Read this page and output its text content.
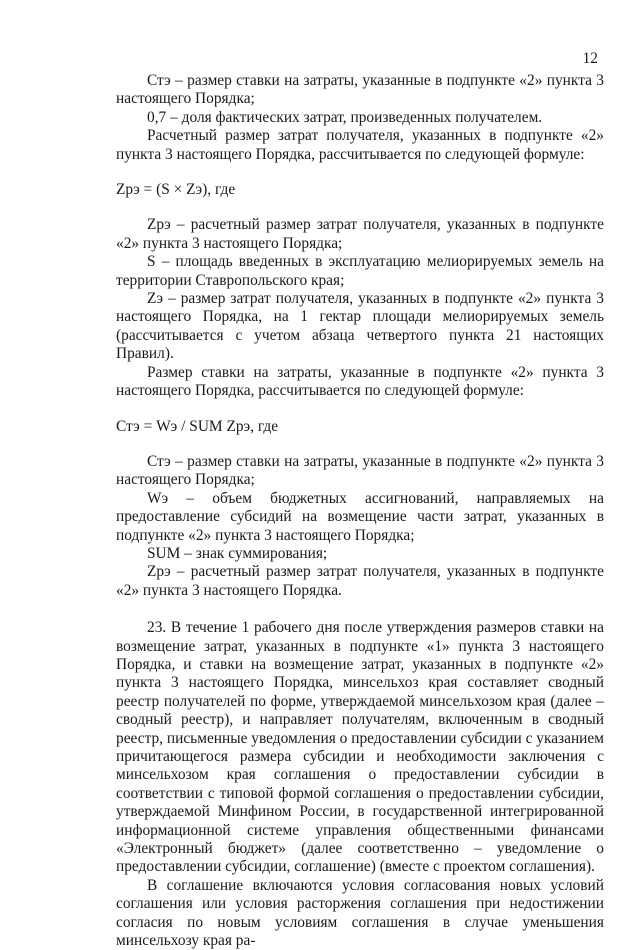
12

Стэ – размер ставки на затраты, указанные в подпункте «2» пункта 3 настоящего Порядка;

0,7 – доля фактических затрат, произведенных получателем.

Расчетный размер затрат получателя, указанных в подпункте «2» пункта 3 настоящего Порядка, рассчитывается по следующей формуле:

Zpэ = (S × Zэ), где

Zpэ – расчетный размер затрат получателя, указанных в подпункте «2» пункта 3 настоящего Порядка;

S – площадь введенных в эксплуатацию мелиорируемых земель на территории Ставропольского края;

Zэ – размер затрат получателя, указанных в подпункте «2» пункта 3 настоящего Порядка, на 1 гектар площади мелиорируемых земель (рассчитывается с учетом абзаца четвертого пункта 21 настоящих Правил).

Размер ставки на затраты, указанные в подпункте «2» пункта 3 настоящего Порядка, рассчитывается по следующей формуле:

Стэ = Wэ / SUM Zpэ, где

Стэ – размер ставки на затраты, указанные в подпункте «2» пункта 3 настоящего Порядка;

Wэ – объем бюджетных ассигнований, направляемых на предоставление субсидий на возмещение части затрат, указанных в подпункте «2» пункта 3 настоящего Порядка;

SUM – знак суммирования;

Zpэ – расчетный размер затрат получателя, указанных в подпункте «2» пункта 3 настоящего Порядка.

23. В течение 1 рабочего дня после утверждения размеров ставки на возмещение затрат, указанных в подпункте «1» пункта 3 настоящего Порядка, и ставки на возмещение затрат, указанных в подпункте «2» пункта 3 настоящего Порядка, минсельхоз края составляет сводный реестр получателей по форме, утверждаемой минсельхозом края (далее – сводный реестр), и направляет получателям, включенным в сводный реестр, письменные уведомления о предоставлении субсидии с указанием причитающегося размера субсидии и необходимости заключения с минсельхозом края соглашения о предоставлении субсидии в соответствии с типовой формой соглашения о предоставлении субсидии, утверждаемой Минфином России, в государственной интегрированной информационной системе управления общественными финансами «Электронный бюджет» (далее соответственно – уведомление о предоставлении субсидии, соглашение) (вместе с проектом соглашения).

В соглашение включаются условия согласования новых условий соглашения или условия расторжения соглашения при недостижении согласия по новым условиям соглашения в случае уменьшения минсельхозу края ра-
